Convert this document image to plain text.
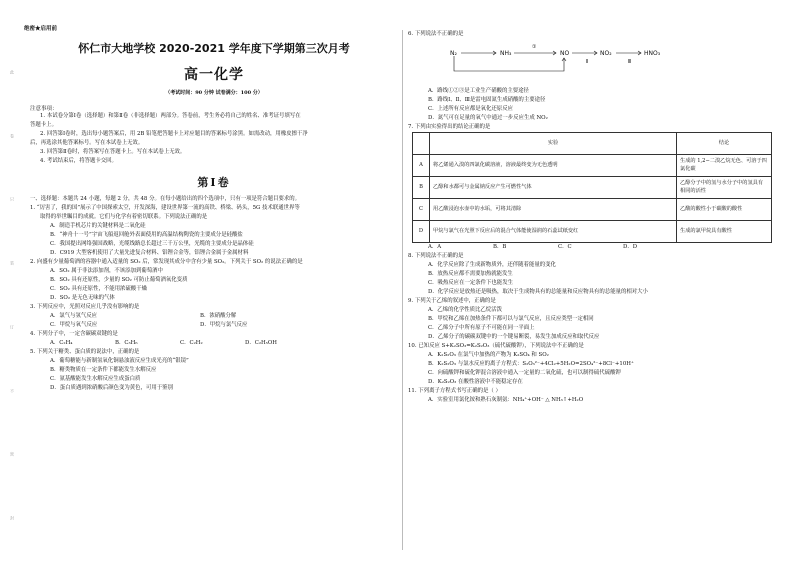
绝密★启用前
此
卷
只
装
订
不
密
封
怀仁市大地学校 2020-2021 学年度下学期第三次月考
高一化学
（考试时间：90 分钟 试卷满分：100 分）
注意事项：

1. 本试卷分第Ⅰ卷（选择题）和第Ⅱ卷（非选择题）两部分。答卷前，考生务必将自己的姓名、准考证号填写在

答题卡上。

2. 回答第Ⅰ卷时，选出每小题答案后，用 2B 铅笔把答题卡上对应题目的答案标号涂黑。如需改动，用橡皮擦干净

后，再选涂其他答案标号。写在本试卷上无效。

3. 回答第Ⅱ卷时，将答案写在答题卡上。写在本试卷上无效。

4. 考试结束后，将答题卡交回。

第Ⅰ卷

一、选择题：本题共 24 小题，每题 2 分，共 48 分。在每小题给出的四个选项中，只有一项是符合题目要求的。

1. “厉害了，我的国”展示了中国探索太空，开发深海，建设世界第一流的高铁、桥梁、码头，5G 技术联通世界等

取得的举世瞩目的成就。它们与化学有着密切联系。下列说法正确的是

A．制造手机芯片的关键材料是二氧化硅

B．“神舟十一号”宇宙飞船返回舱外表面使用的高温结构陶瓷的主要成分是硅酸盐

C．我国提出网络强国战略，光缆线路总长超过三千万公里，光缆的主要成分是晶体硅

D．C919 大型客机使用了大量先进复合材料、铝锂合金等，铝锂合金属于金属材料

2. 向盛有少量葡萄酒的容器中通入适量的 SO₂ 后，常发现其成分中含有少量 SO₂。下列关于 SO₂ 的说法正确的是

A．SO₂ 属于非法添加剂，不该添加到葡萄酒中

B．SO₂ 具有还原性，少量的 SO₂ 可防止葡萄酒氧化变质

C．SO₂ 具有还原性，不能用浓硫酸干燥

D．SO₂ 是无色无味的气体

3. 下列反应中，光照对反应几乎没有影响的是

A．氯气与氢气反应	B．浓硝酸分解
C．甲烷与氧气反应	D．甲烷与氯气反应

4. 下列分子中，一定含碳碳双键的是

A．C₂H₄	B．C₃H₆	C．C₂H₂	D．C₂H₅OH

5. 下列关于糖类、蛋白质的说法中，正确的是

A．葡萄糖能与新制氢氧化铜悬浊液反应生成光亮的“银镜”

B．糖类物质在一定条件下都能发生水解反应

C．氨基酸能发生水解反应生成蛋白质

D．蛋白质遇到浓硝酸后颜色变为黄色，可用于鉴别

6. 下列说法不正确的是

N₂	NH₃	NO	NO₂	HNO₃
①
Ⅱ	Ⅲ

A．路线①②③是工业生产硝酸的主要途径

B．路线Ⅰ、Ⅱ、Ⅲ是雷电固氮生成硝酸的主要途径

C．上述所有反应都是氧化还原反应

D．氮气可在足量的氧气中通过一步反应生成 NO₂

7. 下列由实验得出的结论正确的是

	实验	结论
A	将乙烯通入溴的四氯化碳溶液，溶液最终变为无色透明	生成的 1,2−二溴乙烷无色、可溶于四氯化碳
B	乙醇和水都可与金属钠反应产生可燃性气体	乙醇分子中的氢与水分子中的氢具有相同的活性
C	用乙酸浸泡水壶中的水垢，可将其清除	乙酸的酸性小于碳酸的酸性
D	甲烷与氯气在光照下反应后的混合气体能使湿润的石蕊试纸变红	生成的氯甲烷具有酸性
A．A	B．B	C．C	D．D

8. 下列说法不正确的是

A．化学反应除了生成新物质外，还伴随着能量的变化

B．放热反应都不需要加热就能发生

C．吸热反应在一定条件下也能发生

D．化学反应是放热还是吸热，取决于生成物具有的总能量和反应物具有的总能量的相对大小

9. 下列关于乙烯的叙述中，正确的是

A．乙烯的化学性质比乙烷活泼

B．甲烷和乙烯在加热条件下都可以与氯气反应，且反应类型一定相同

C．乙烯分子中所有原子不可能在同一平面上

D．乙烯分子的碳碳双键中的一个键易断裂，易发生加成反应和取代反应

10. 已知反应 S+K₂SO₃=K₂S₂O₃（硫代硫酸钾），下列说法中不正确的是

A．K₂S₂O₃ 在氯气中加热的产物为 K₂SO₄ 和 SO₂

B．K₂S₂O₃ 与氯水反应的离子方程式：S₂O₃²⁻+4Cl₂+5H₂O=2SO₄²⁻+8Cl⁻+10H⁺

C．向硫酸钾和硫化钾混合溶液中通入一定量的二氧化硫，也可以制得硫代硫酸钾

D．K₂S₂O₃ 在酸性溶液中不能稳定存在

11. 下列离子方程式书写正确的是（ ）

A．实验室用氯化铵和熟石灰制氨：NH₄⁺+OH⁻ △ NH₃↑+H₂O
